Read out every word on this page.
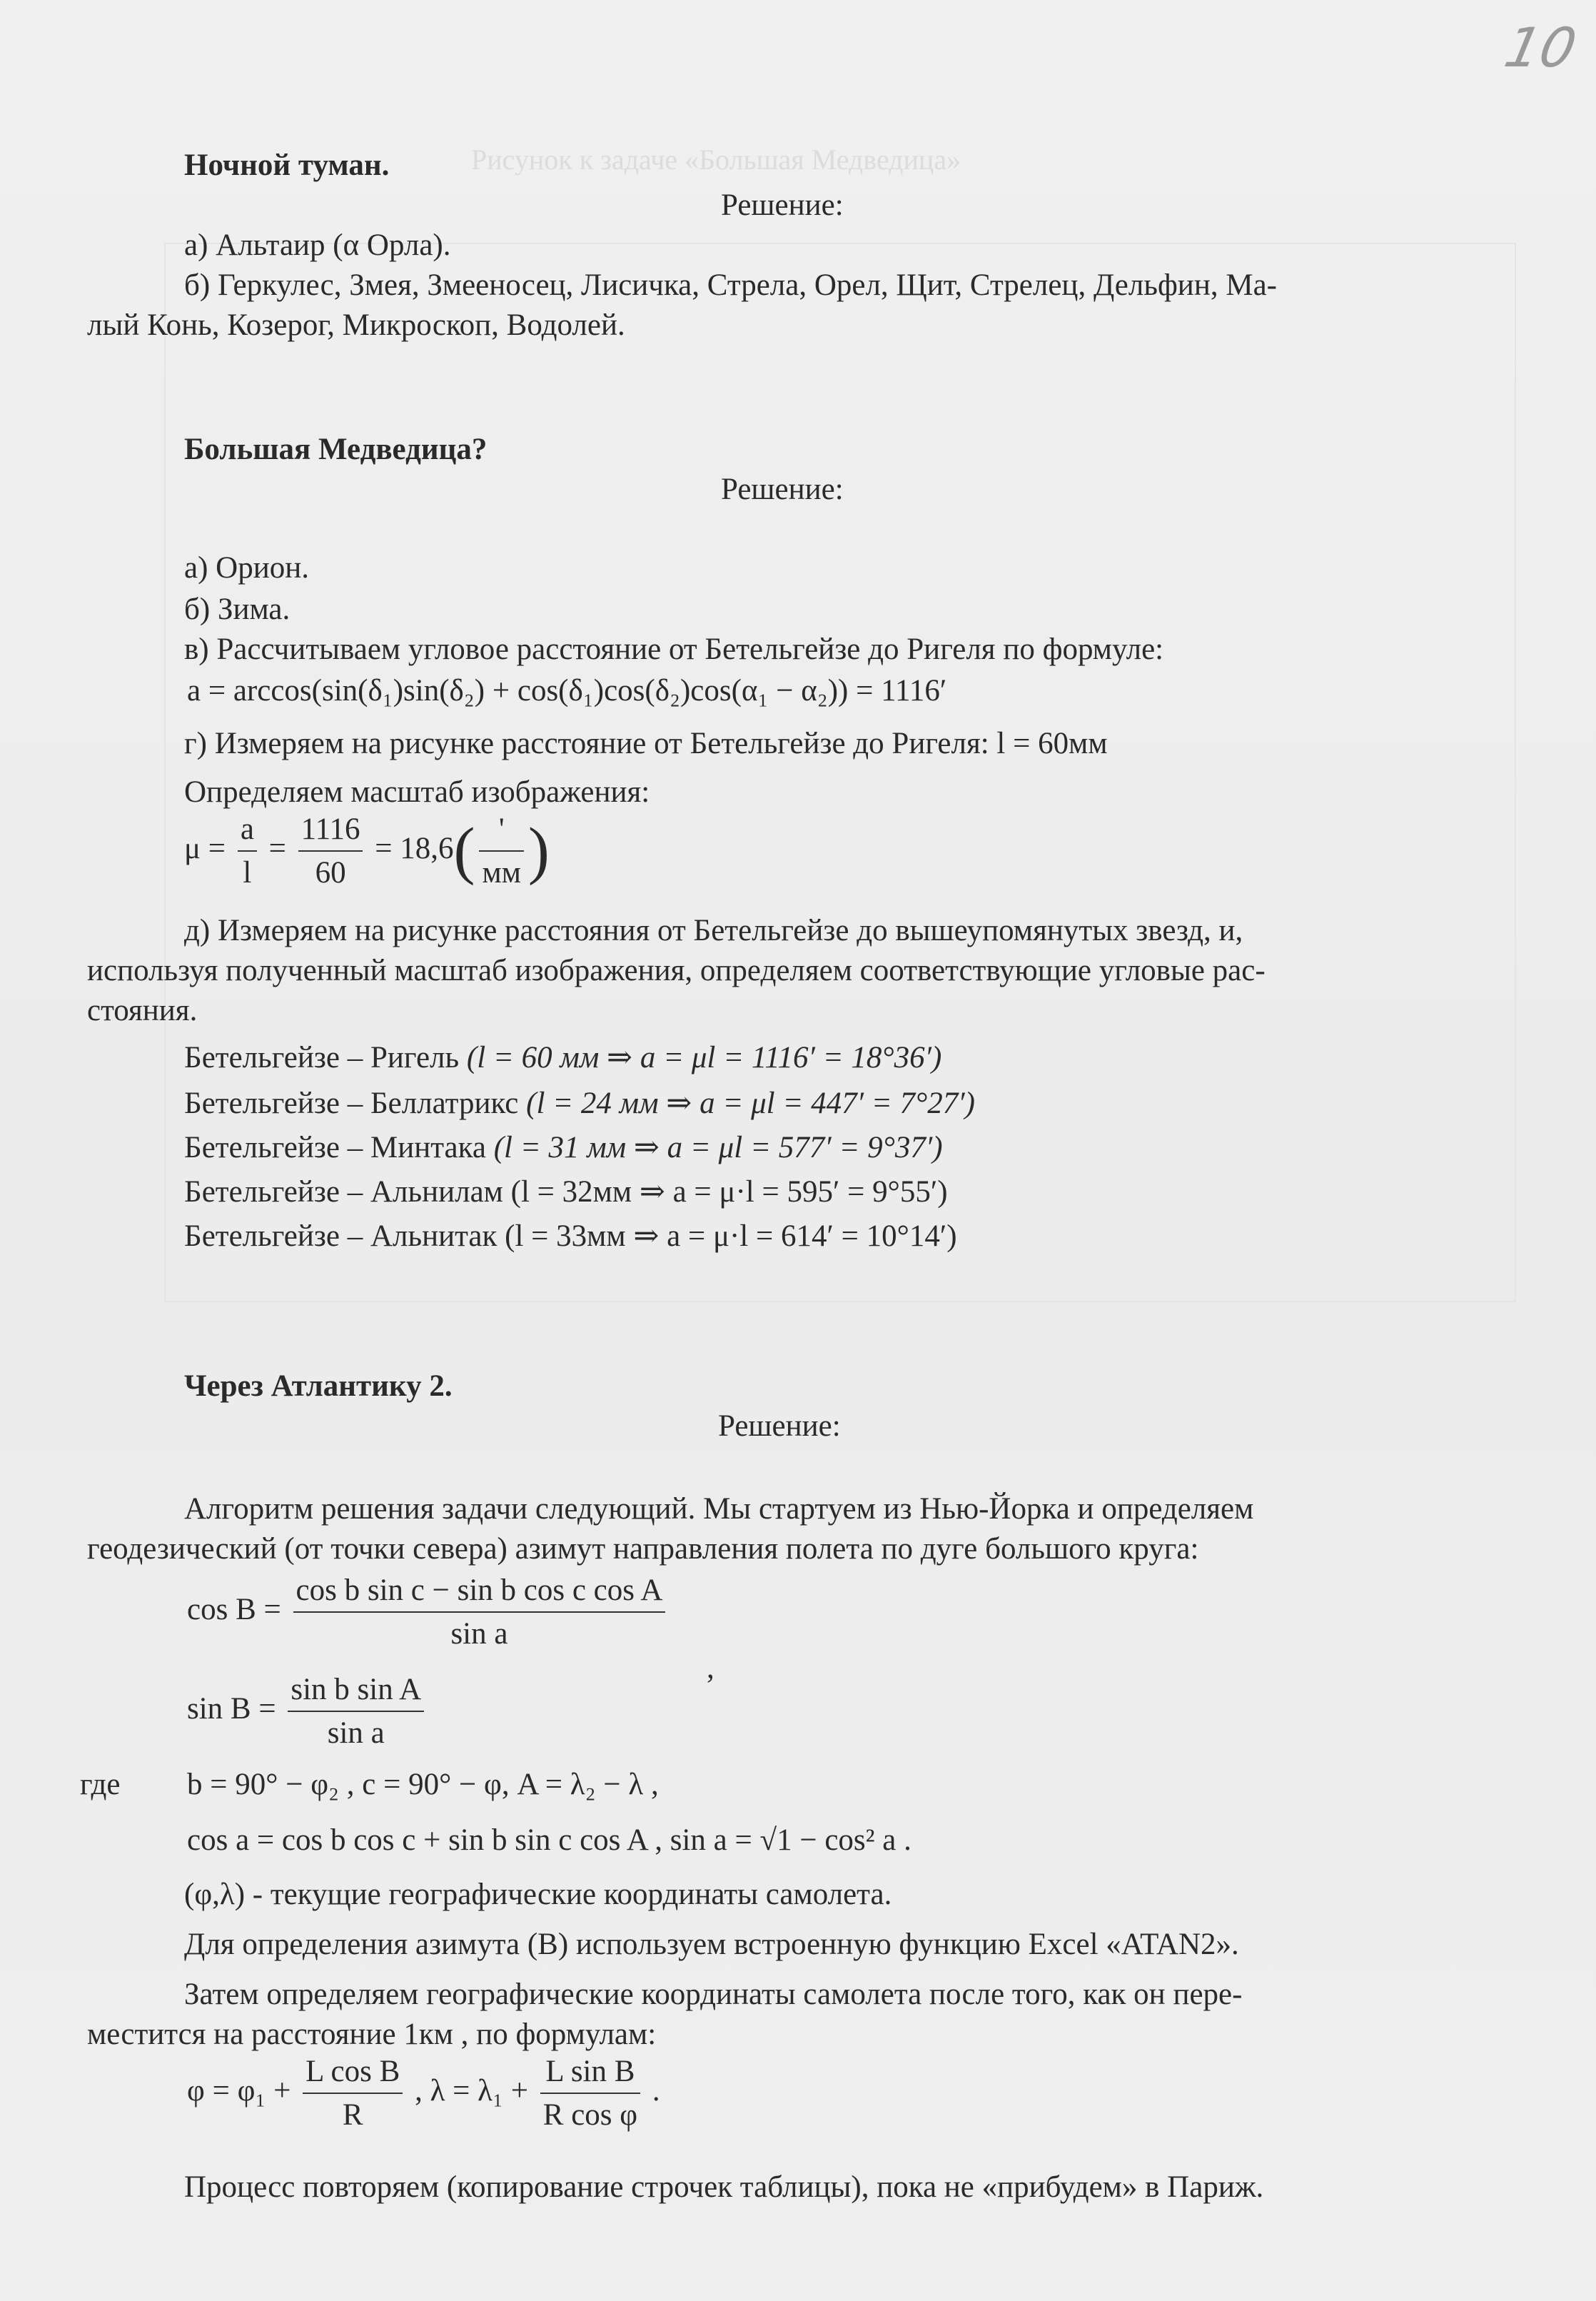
Рисунок к задаче «Большая Медведица»
10
Ночной туман.
Решение:
а) Альтаир (α Орла).
б) Геркулес, Змея, Змееносец, Лисичка, Стрела, Орел, Щит, Стрелец, Дельфин, Ма-
лый Конь, Козерог, Микроскоп, Водолей.
Большая Медведица?
Решение:
а) Орион.
б) Зима.
в) Рассчитываем угловое расстояние от Бетельгейзе до Ригеля по формуле:
a = arccos(sin(δ₁)sin(δ₂) + cos(δ₁)cos(δ₂)cos(α₁ − α₂)) = 1116′
г) Измеряем на рисунке расстояние от Бетельгейзе до Ригеля: l = 60мм
Определяем масштаб изображения:
$\mu = \frac{a}{l} = \frac{1116}{60} = 18,6( \frac{'}{мм}$ )
д) Измеряем на рисунке расстояния от Бетельгейзе до вышеупомянутых звезд, и,
используя полученный масштаб изображения, определяем соответствующие угловые рас-
стояния.
Бетельгейзе – Ригель (l = 60 мм ⇒ a = μl = 1116′ = 18°36′)
Бетельгейзе – Беллатрикс (l = 24 мм ⇒ a = μl = 447′ = 7°27′)
Бетельгейзе – Минтака (l = 31 мм ⇒ a = μl = 577′ = 9°37′)
Бетельгейзе – Альнилам (l = 32мм ⇒ a = μ·l = 595′ = 9°55′)
Бетельгейзе – Альнитак (l = 33мм ⇒ a = μ·l = 614′ = 10°14′)
Через Атлантику 2.
Решение:
Алгоритм решения задачи следующий. Мы стартуем из Нью-Йорка и определяем
геодезический (от точки севера) азимут направления полета по дуге большого круга:
$\cos B = \frac{\text{cos b sin c − sin b cos c cos A}}{\text{sin a}}$
,
$\sin B = \frac{\text{sin b sin A}}{\text{sin a}}$
где b = 90° − φ₂ , c = 90° − φ, A = λ₂ − λ ,
cos a = cos b cos c + sin b sin c cos A , sin a = √1 − cos² a .
(φ,λ) - текущие географические координаты самолета.
Для определения азимута (B) используем встроенную функцию Excel «ATAN2».
Затем определяем географические координаты самолета после того, как он пере-
местится на расстояние 1км , по формулам:
$\varphi = \varphi_1 + \frac{\text{L cos B}}{R}$ , $\lambda = \lambda_1 + \frac{\text{L sin B}}{\text{R cos φ}}$ .
Процесс повторяем (копирование строчек таблицы), пока не «прибудем» в Париж.
